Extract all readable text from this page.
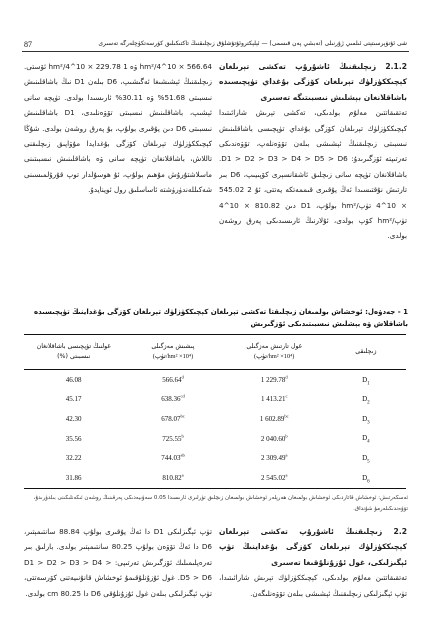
87	شى ئۇنۋېرسىتېتى ئىلمىي ژۇرنىلى (تەبىئىي پەن قىسمى) — ئېلېكتروئۇتۇشلۇق زىچلىقنىڭ تاكتىكىلىق كۆرسەتكۈچلەرگە تەسىرى

2.1.2 زىچلىقنىڭ ئاشۇرۇپ تەكشى تېرىلغان كېچىككۈزلۈك تېرىلغان كۆزگى بۇغداي تۈپچىسىدە باشاقلانغان بېشلىش نىسبىتىگە تەسىرى

تەتقىقاتتىن مەلۇم بولدىكى، تەكشى تېرىش شارائىتىدا كېچىككۈزلۈك تېرىلغان كۆزگى بۇغداي تۈپچىسى باشاقلىنىش نىسبىتى زىچلىقنىڭ ئېشىشى بىلەن تۆۋەنلەپ، تۆۋەندىكى تەرتىپتە ئۆزگىرىدۇ: D1 > D2 > D3 > D4 > D5 > D6. باشاقلانغان تۈپچە سانى زىچلىق ئاشقانسېرى كۆپىيىپ، D6 بىر تارتىش نۇقتىسىدا ئەڭ يۇقىرى قىممەتكە يەتتى، ئۇ 2 545.02 × 10^4 تۈپ/hm² بولۇپ، D1 دىن 810.82 × 10^4 تۈپ/hm² كۆپ بولدى، ئۇلارنىڭ ئارىسىدىكى پەرق روشەن بولدى.

566.64 × 10^4/hm² ۋە 1 229.78 × 10^4/hm² ئۆستى. زىچلىقنىڭ ئېشىشىغا ئەگىشىپ، D6 بىلەن D1 نىڭ باشاقلىنىش نىسبىتى 51.68% ۋە 30.11% ئارىسىدا بولدى. تۈپچە سانى ئېشىپ، باشاقلىنىش نىسبىتى تۆۋەنلىدى، D1 باشاقلىنىش نىسبىتى D6 دىن يۇقىرى بولۇپ، بۇ پەرق روشەن بولدى. شۇڭا كېچىككۈزلۈك تېرىلغان كۆزگى بۇغدايدا مۇۋاپىق زىچلىقنى تاللاش، باشاقلانغان تۈپچە سانى ۋە باشاقلىنىش نىسبىتىنى ماسلاشتۇرۇش مۇھىم بولۇپ، ئۇ ھوسۇلدار توپ قۇرۇلمىسىنى شەكىللەندۈرۈشتە ئاساسلىق رول ئوينايدۇ.

1 - جەدۋەل: ئوخشاش بولمىغان زىچلىقتا تەكشى تېرىلغان كېچىككۈزلۈك تېرىلغان كۆزگى بۇغداينىڭ تۈپچىسىدە باشاقلاش ۋە بېشلىش نىسبىتىدىكى ئۆزگىرىش
غولنىڭ تۈپچىسى باشاقلانغان
نىسبىتى (%)	پىشىش مەزگىلى
(تۈپ/hm² ×10⁴)	غول تارتىش مەزگىلى
(تۈپ/hm² ×10⁴)	زىچلىقى

46.08	566.64$^d$	1 229.78$^d$	$D_1$
45.17	638.36$^{cd}$	1 413.21$^c$	$D_2$
42.30	678.07$^{bc}$	1 602.89$^{bc}$	$D_3$
35.56	725.55$^b$	2 040.60$^b$	$D_4$
32.22	744.03$^{ab}$	2 309.49$^a$	$D_5$
31.86	810.82$^a$	2 545.02$^a$	$D_6$
ئەسكەرتىش: ئوخشاش قاتاردىكى ئوخشاش بولمىغان ھەرپلەر ئوخشاش بولمىغان زىچلىق تۈرلىرى ئارىسىدا 0.05 سەۋىيەدىكى پەرقىنىڭ روشەن ئىكەنلىكىنى بىلدۈرىدۇ، تۆۋەندىكىلەرمۇ شۇنداق.

2.2 زىچلىقنىڭ ئاشۇرۇپ تەكشى تېرىلغان كېچىككۈزلۈك تېرىلغان كۆزگى بۇغداينىڭ تۈپ ئېگىزلىكى، غول ئۇزۇنلۇقىغا تەسىرى

تەتقىقاتتىن مەلۇم بولدىكى، كېچىككۈزلۈك تېرىش شارائىتىدا، تۈپ ئېگىزلىكى زىچلىقنىڭ ئېشىشى بىلەن تۆۋەنلىگەن.

تۈپ ئېگىزلىكى D1 دا ئەڭ يۇقىرى بولۇپ 88.84 سانتىمېتىر، D6 دا ئەڭ تۆۋەن بولۇپ 80.25 سانتىمېتىر بولدى. بارلىق بىر تەرەپلىمىلىك ئۆزگىرىش تەرتىپى: D1 > D2 > D3 > D4 > D5 > D6. غول ئۇزۇنلۇقىمۇ ئوخشاش قانۇنىيەتنى كۆرسەتتى، تۈپ ئېگىزلىكى بىلەن غول ئۇزۇنلۇقى D6 دا 80.25 cm بولدى.
